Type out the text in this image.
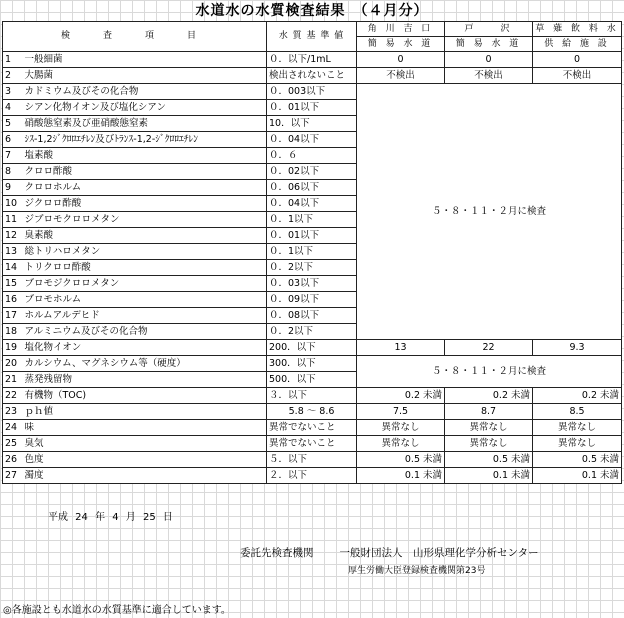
水道水の水質検査結果　（４月分）
検　査　項　目		水 質 基 準 値	角 川 吉 口	戸　　沢	草 薙 飲 料 水
			簡 易 水 道	簡 易 水 道	供 給 施 設
1	一般細菌	０．以下/1mL	0	0	0
2	大腸菌	検出されないこと	不検出	不検出	不検出
3	カドミウム及びその化合物	０．003以下	５・８・１１・２月に検査		
4	シアン化物イオン及び塩化シアン	０．01以下			
5	硝酸態窒素及び亜硝酸態窒素	10．以下			
6	ｼｽ-1,2ｼﾞｸﾛﾛｴﾁﾚﾝ及びﾄﾗﾝｽ-1,2-ｼﾞｸﾛﾛｴﾁﾚﾝ	０．04以下			
7	塩素酸	０．６			
8	クロロ酢酸	０．02以下			
9	クロロホルム	０．06以下			
10	ジクロロ酢酸	０．04以下			
11	ジブロモクロロメタン	０．1以下			
12	臭素酸	０．01以下			
13	総トリハロメタン	０．1以下			
14	トリクロロ酢酸	０．2以下			
15	ブロモジクロロメタン	０．03以下			
16	ブロモホルム	０．09以下			
17	ホルムアルデヒド	０．08以下			
18	アルミニウム及びその化合物	０．2以下			
19	塩化物イオン	200．以下	13	22	9.3
20	カルシウム、マグネシウム等（硬度）	300．以下	５・８・１１・２月に検査		
21	蒸発残留物	500．以下			
22	有機物（TOC)	３．以下	0.2 未満	0.2 未満	0.2 未満
23	ｐｈ値	5.8 ～ 8.6	7.5	8.7	8.5
24	味	異常でないこと	異常なし	異常なし	異常なし
25	臭気	異常でないこと	異常なし	異常なし	異常なし
26	色度	５．以下	0.5 未満	0.5 未満	0.5 未満
27	濁度	２．以下	0.1 未満	0.1 未満	0.1 未満
平成 24 年 4 月 25 日
委託先検査機関 一般財団法人　山形県理化学分析センター
厚生労働大臣登録検査機関第23号
◎各施設とも水道水の水質基準に適合しています。
